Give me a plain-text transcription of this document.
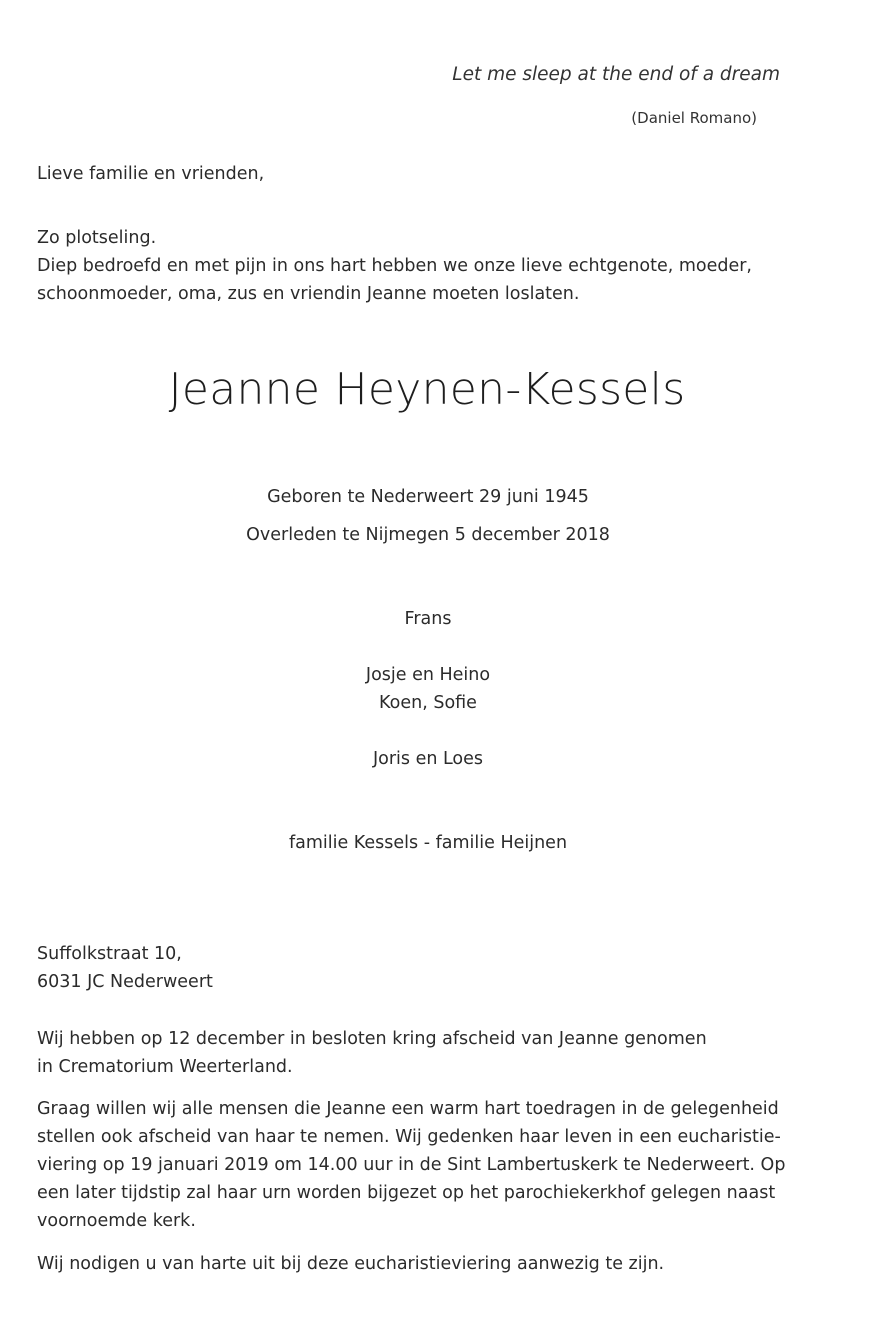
Let me sleep at the end of a dream

(Daniel Romano)

Lieve familie en vrienden,

Zo plotseling.
Diep bedroefd en met pijn in ons hart hebben we onze lieve echtgenote, moeder,
schoonmoeder, oma, zus en vriendin Jeanne moeten loslaten.
Jeanne Heynen-Kessels

Geboren te Nederweert 29 juni 1945

Overleden te Nijmegen 5 december 2018

Frans

Josje en Heino

Koen, Sofie

Joris en Loes

familie Kessels - familie Heijnen

Suffolkstraat 10,
6031 JC Nederweert
Wij hebben op 12 december in besloten kring afscheid van Jeanne genomen
in Crematorium Weerterland.
Graag willen wij alle mensen die Jeanne een warm hart toedragen in de gelegenheid
stellen ook afscheid van haar te nemen. Wij gedenken haar leven in een eucharistie-
viering op 19 januari 2019 om 14.00 uur in de Sint Lambertuskerk te Nederweert. Op
een later tijdstip zal haar urn worden bijgezet op het parochiekerkhof gelegen naast
voornoemde kerk.

Wij nodigen u van harte uit bij deze eucharistieviering aanwezig te zijn.
